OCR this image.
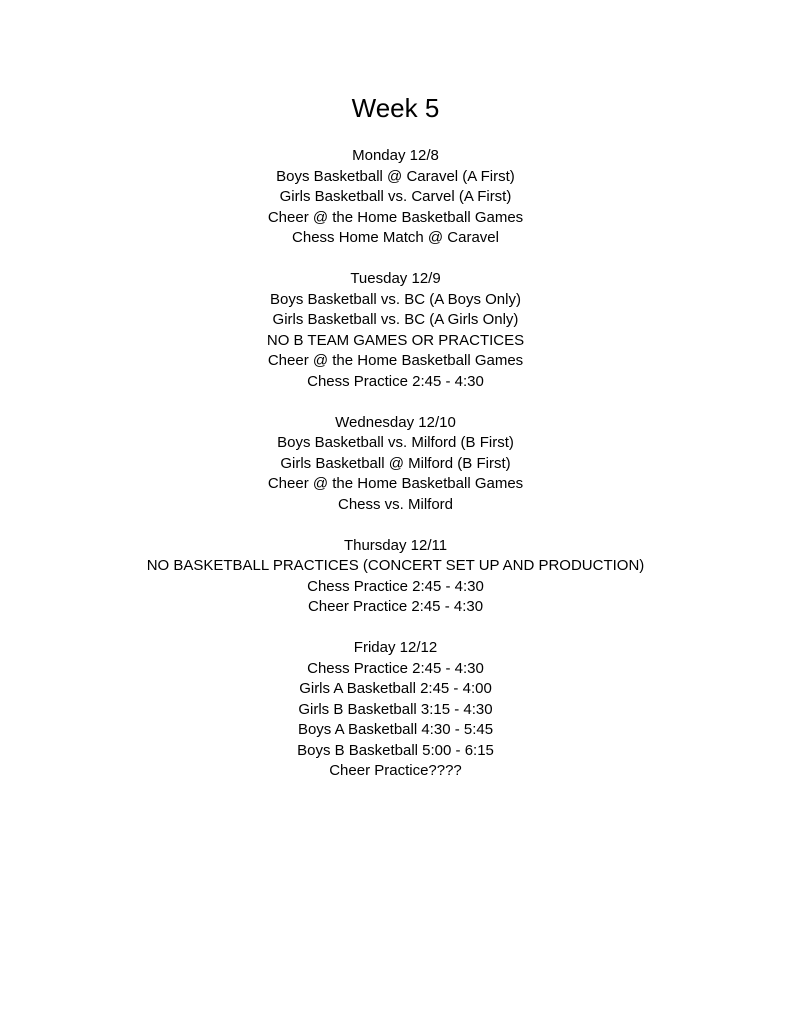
Week 5
Monday 12/8
Boys Basketball @ Caravel (A First)
Girls Basketball vs. Carvel (A First)
Cheer @ the Home Basketball Games
Chess Home Match @ Caravel
Tuesday 12/9
Boys Basketball vs. BC (A Boys Only)
Girls Basketball vs. BC (A Girls Only)
NO B TEAM GAMES OR PRACTICES
Cheer @ the Home Basketball Games
Chess Practice 2:45 - 4:30
Wednesday 12/10
Boys Basketball vs. Milford (B First)
Girls Basketball @ Milford (B First)
Cheer @ the Home Basketball Games
Chess vs. Milford
Thursday 12/11
NO BASKETBALL PRACTICES (CONCERT SET UP AND PRODUCTION)
Chess Practice 2:45 - 4:30
Cheer Practice 2:45 - 4:30
Friday 12/12
Chess Practice 2:45 - 4:30
Girls A Basketball 2:45 - 4:00
Girls B Basketball 3:15 - 4:30
Boys A Basketball 4:30 - 5:45
Boys B Basketball 5:00 - 6:15
Cheer Practice????
